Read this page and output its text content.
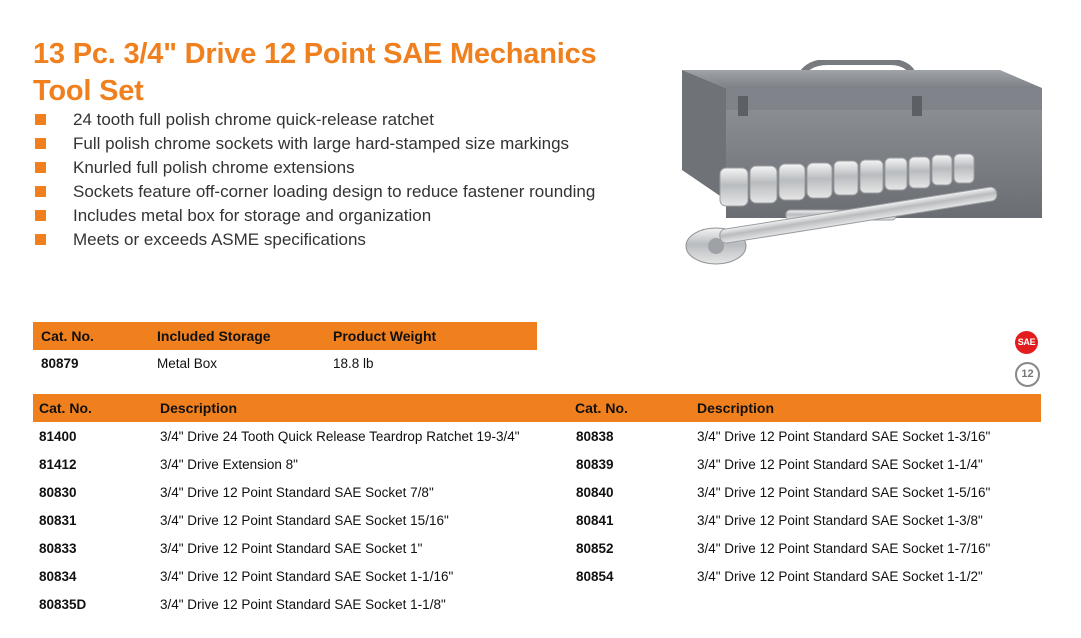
13 Pc. 3/4" Drive 12 Point SAE Mechanics Tool Set
24 tooth full polish chrome quick-release ratchet
Full polish chrome sockets with large hard-stamped size markings
Knurled full polish chrome extensions
Sockets feature off-corner loading design to reduce fastener rounding
Includes metal box for storage and organization
Meets or exceeds ASME specifications
Cat. No.	Included Storage	Product Weight
80879	Metal Box	18.8 lb
SAE
12
Cat. No.	Description	Cat. No.	Description
81400	3/4" Drive 24 Tooth Quick Release Teardrop Ratchet 19-3/4"
81412	3/4" Drive Extension 8"
80830	3/4" Drive 12 Point Standard SAE Socket 7/8"
80831	3/4" Drive 12 Point Standard SAE Socket 15/16"
80833	3/4" Drive 12 Point Standard SAE Socket 1"
80834	3/4" Drive 12 Point Standard SAE Socket 1-1/16"
80835D	3/4" Drive 12 Point Standard SAE Socket 1-1/8"
80838	3/4" Drive 12 Point Standard SAE Socket 1-3/16"
80839	3/4" Drive 12 Point Standard SAE Socket 1-1/4"
80840	3/4" Drive 12 Point Standard SAE Socket 1-5/16"
80841	3/4" Drive 12 Point Standard SAE Socket 1-3/8"
80852	3/4" Drive 12 Point Standard SAE Socket 1-7/16"
80854	3/4" Drive 12 Point Standard SAE Socket 1-1/2"
